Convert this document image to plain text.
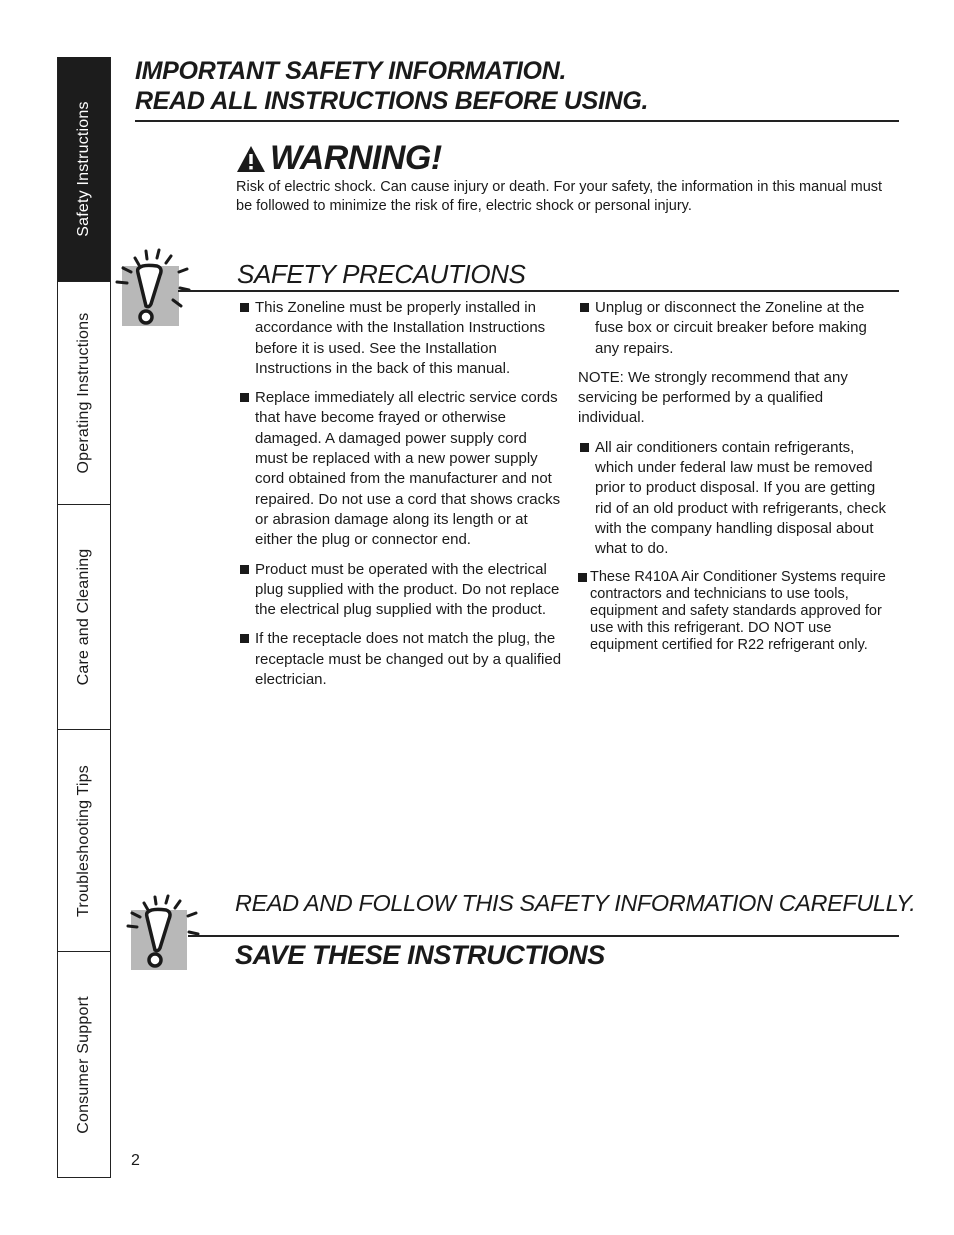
Safety Instructions
Operating Instructions
Care and Cleaning
Troubleshooting Tips
Consumer Support
IMPORTANT SAFETY INFORMATION.
READ ALL INSTRUCTIONS BEFORE USING.
WARNING!
Risk of electric shock. Can cause injury or death. For your safety, the information in this manual must be followed to minimize the risk of fire, electric shock or personal injury.
SAFETY PRECAUTIONS
This Zoneline must be properly installed in accordance with the Installation Instructions before it is used. See the Installation Instructions in the back of this manual.
Replace immediately all electric service cords that have become frayed or otherwise damaged. A damaged power supply cord must be replaced with a new power supply cord obtained from the manufacturer and not repaired. Do not use a cord that shows cracks or abrasion damage along its length or at either the plug or connector end.
Product must be operated with the electrical plug supplied with the product. Do not replace the electrical plug supplied with the product.
If the receptacle does not match the plug, the receptacle must be changed out by a qualified electrician.
Unplug or disconnect the Zoneline at the fuse box or circuit breaker before making any repairs.
NOTE: We strongly recommend that any servicing be performed by a qualified individual.
All air conditioners contain refrigerants, which under federal law must be removed prior to product disposal. If you are getting rid of an old product with refrigerants, check with the company handling disposal about what to do.
These R410A Air Conditioner Systems require contractors and technicians to use tools, equipment and safety standards approved for use with this refrigerant. DO NOT use equipment certified for R22 refrigerant only.
READ AND FOLLOW THIS SAFETY INFORMATION CAREFULLY.
SAVE THESE INSTRUCTIONS
2
